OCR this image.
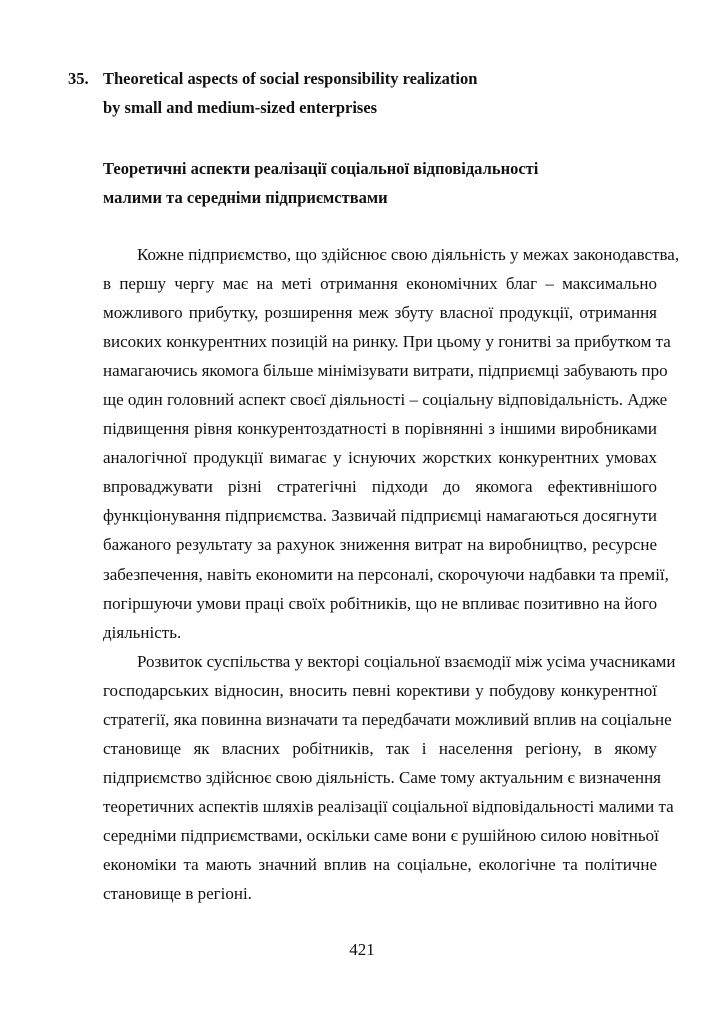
35. Theoretical aspects of social responsibility realization
by small and medium-sized enterprises
Теоретичні аспекти реалізації соціальної відповідальності
малими та середніми підприємствами
Кожне підприємство, що здійснює свою діяльність у межах законодавства,
в першу чергу має на меті отримання економічних благ – максимально
можливого прибутку, розширення меж збуту власної продукції, отримання
високих конкурентних позицій на ринку. При цьому у гонитві за прибутком та
намагаючись якомога більше мінімізувати витрати, підприємці забувають про
ще один головний аспект своєї діяльності – соціальну відповідальність. Адже
підвищення рівня конкурентоздатності в порівнянні з іншими виробниками
аналогічної продукції вимагає у існуючих жорстких конкурентних умовах
впроваджувати різні стратегічні підходи до якомога ефективнішого
функціонування підприємства. Зазвичай підприємці намагаються досягнути
бажаного результату за рахунок зниження витрат на виробництво, ресурсне
забезпечення, навіть економити на персоналі, скорочуючи надбавки та премії,
погіршуючи умови праці своїх робітників, що не впливає позитивно на його
діяльність.
Розвиток суспільства у векторі соціальної взаємодії між усіма учасниками
господарських відносин, вносить певні корективи у побудову конкурентної
стратегії, яка повинна визначати та передбачати можливий вплив на соціальне
становище як власних робітників, так і населення регіону, в якому
підприємство здійснює свою діяльність. Саме тому актуальним є визначення
теоретичних аспектів шляхів реалізації соціальної відповідальності малими та
середніми підприємствами, оскільки саме вони є рушійною силою новітньої
економіки та мають значний вплив на соціальне, екологічне та політичне
становище в регіоні.
421
